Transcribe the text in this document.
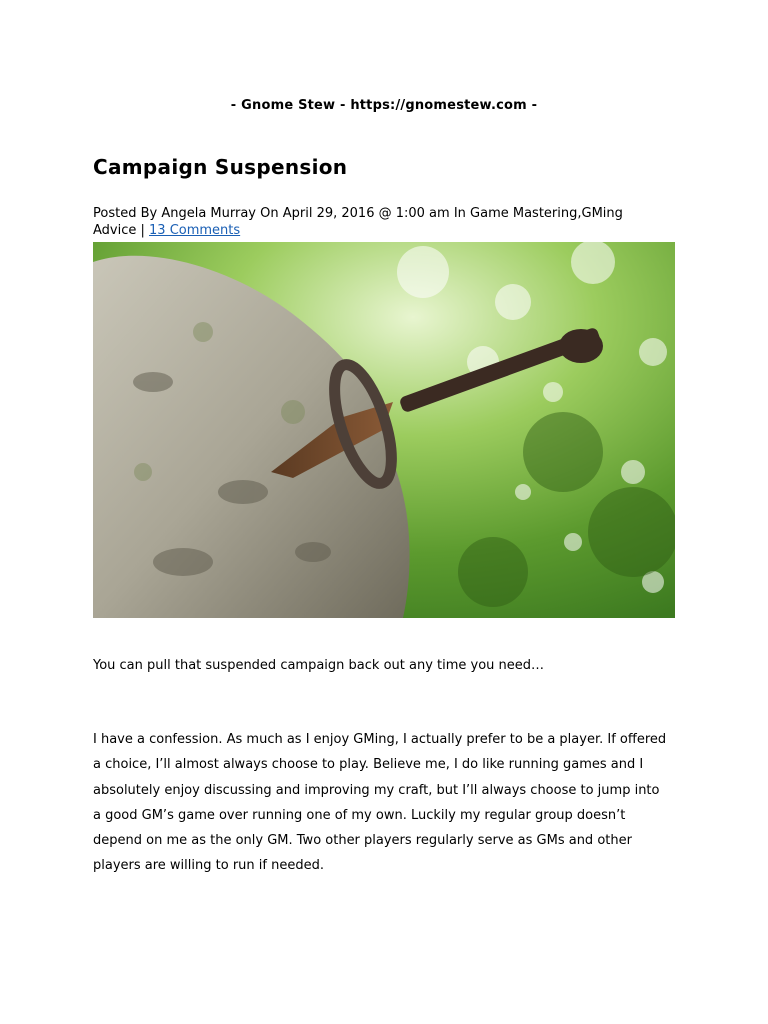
- Gnome Stew - https://gnomestew.com -
Campaign Suspension
Posted By Angela Murray On April 29, 2016 @ 1:00 am In Game Mastering,GMing Advice | 13 Comments
You can pull that suspended campaign back out any time you need…

I have a confession. As much as I enjoy GMing, I actually prefer to be a player. If offered a choice, I’ll almost always choose to play. Believe me, I do like running games and I absolutely enjoy discussing and improving my craft, but I’ll always choose to jump into a good GM’s game over running one of my own. Luckily my regular group doesn’t depend on me as the only GM. Two other players regularly serve as GMs and other players are willing to run if needed.
